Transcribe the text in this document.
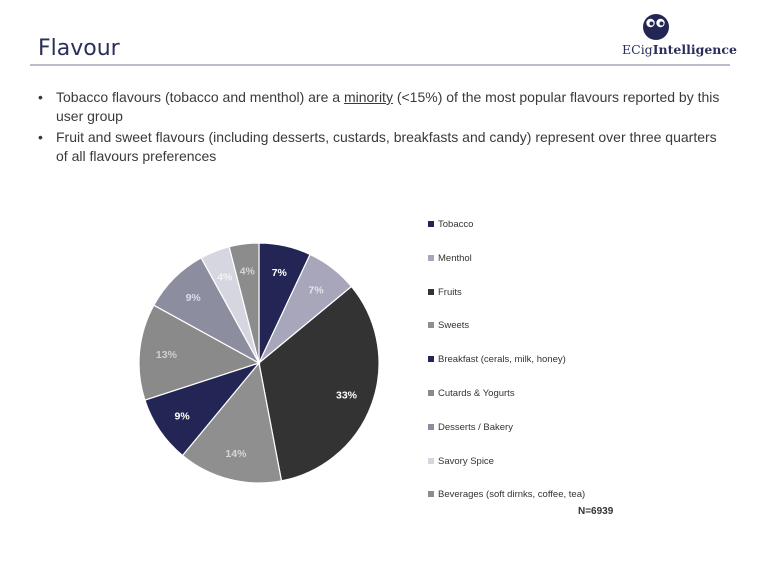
Flavour	ECigIntelligence
• Tobacco flavours (tobacco and menthol) are a minority (<15%) of the most popular flavours reported by this user group
• Fruit and sweet flavours (including desserts, custards, breakfasts and candy) represent over three quarters of all flavours preferences
7%
7%
33%
14%
9%
13%
9%
4% 4%
Tobacco
Menthol
Fruits
Sweets
Breakfast (cerals, milk, honey)
Cutards & Yogurts
Desserts / Bakery
Savory Spice
Beverages (soft dirnks, coffee, tea)
N=6939
